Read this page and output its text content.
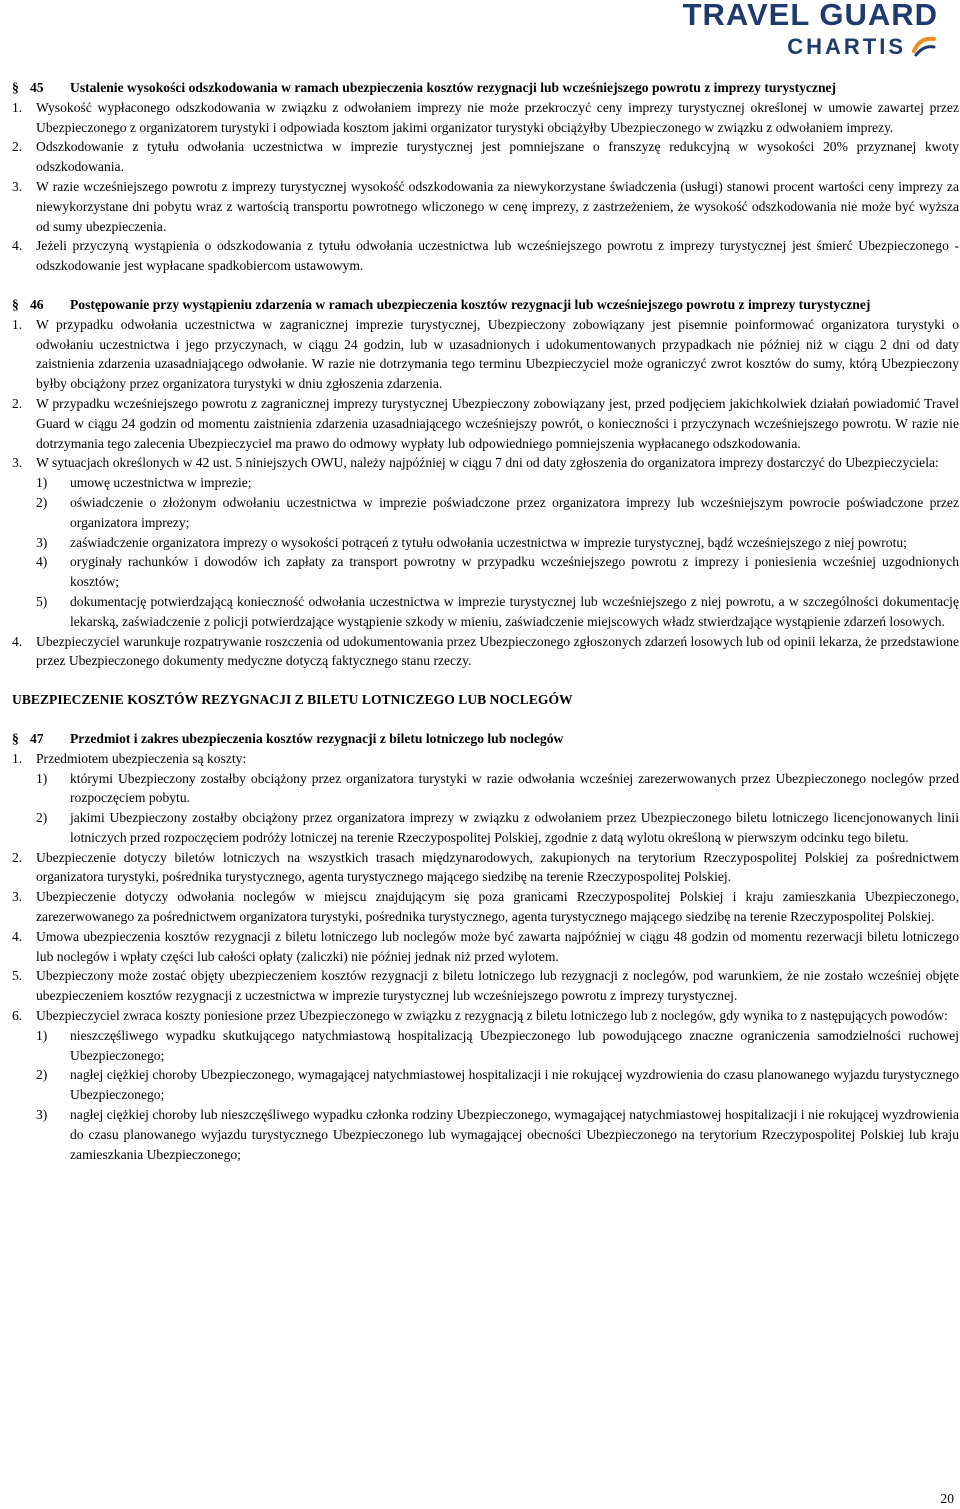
TRAVEL GUARD
CHARTIS
§ 45	Ustalenie wysokości odszkodowania w ramach ubezpieczenia kosztów rezygnacji lub wcześniejszego powrotu z imprezy turystycznej
1.	Wysokość wypłaconego odszkodowania w związku z odwołaniem imprezy nie może przekroczyć ceny imprezy turystycznej określonej w umowie zawartej przez Ubezpieczonego z organizatorem turystyki i odpowiada kosztom jakimi organizator turystyki obciążyłby Ubezpieczonego w związku z odwołaniem imprezy.
2.	Odszkodowanie z tytułu odwołania uczestnictwa w imprezie turystycznej jest pomniejszane o franszyzę redukcyjną w wysokości 20% przyznanej kwoty odszkodowania.
3.	W razie wcześniejszego powrotu z imprezy turystycznej wysokość odszkodowania za niewykorzystane świadczenia (usługi) stanowi procent wartości ceny imprezy za niewykorzystane dni pobytu wraz z wartością transportu powrotnego wliczonego w cenę imprezy, z zastrzeżeniem, że wysokość odszkodowania nie może być wyższa od sumy ubezpieczenia.
4.	Jeżeli przyczyną wystąpienia o odszkodowania z tytułu odwołania uczestnictwa lub wcześniejszego powrotu z imprezy turystycznej jest śmierć Ubezpieczonego - odszkodowanie jest wypłacane spadkobiercom ustawowym.
§ 46	Postępowanie przy wystąpieniu zdarzenia w ramach ubezpieczenia kosztów rezygnacji lub wcześniejszego powrotu z imprezy turystycznej
1.	W przypadku odwołania uczestnictwa w zagranicznej imprezie turystycznej, Ubezpieczony zobowiązany jest pisemnie poinformować organizatora turystyki o odwołaniu uczestnictwa i jego przyczynach, w ciągu 24 godzin, lub w uzasadnionych i udokumentowanych przypadkach nie później niż w ciągu 2 dni od daty zaistnienia zdarzenia uzasadniającego odwołanie. W razie nie dotrzymania tego terminu Ubezpieczyciel może ograniczyć zwrot kosztów do sumy, którą Ubezpieczony byłby obciążony przez organizatora turystyki w dniu zgłoszenia zdarzenia.
2.	W przypadku wcześniejszego powrotu z zagranicznej imprezy turystycznej Ubezpieczony zobowiązany jest, przed podjęciem jakichkolwiek działań powiadomić Travel Guard w ciągu 24 godzin od momentu zaistnienia zdarzenia uzasadniającego wcześniejszy powrót, o konieczności i przyczynach wcześniejszego powrotu. W razie nie dotrzymania tego zalecenia Ubezpieczyciel ma prawo do odmowy wypłaty lub odpowiedniego pomniejszenia wypłacanego odszkodowania.
3.	W sytuacjach określonych w 42 ust. 5 niniejszych OWU, należy najpóźniej w ciągu 7 dni od daty zgłoszenia do organizatora imprezy dostarczyć do Ubezpieczyciela:
1)	umowę uczestnictwa w imprezie;
2)	oświadczenie o złożonym odwołaniu uczestnictwa w imprezie poświadczone przez organizatora imprezy lub wcześniejszym powrocie poświadczone przez organizatora imprezy;
3)	zaświadczenie organizatora imprezy o wysokości potrąceń z tytułu odwołania uczestnictwa w imprezie turystycznej, bądź wcześniejszego z niej powrotu;
4)	oryginały rachunków i dowodów ich zapłaty za transport powrotny w przypadku wcześniejszego powrotu z imprezy i poniesienia wcześniej uzgodnionych kosztów;
5)	dokumentację potwierdzającą konieczność odwołania uczestnictwa w imprezie turystycznej lub wcześniejszego z niej powrotu, a w szczególności dokumentację lekarską, zaświadczenie z policji potwierdzające wystąpienie szkody w mieniu, zaświadczenie miejscowych władz stwierdzające wystąpienie zdarzeń losowych.
4.	Ubezpieczyciel warunkuje rozpatrywanie roszczenia od udokumentowania przez Ubezpieczonego zgłoszonych zdarzeń losowych lub od opinii lekarza, że przedstawione przez Ubezpieczonego dokumenty medyczne dotyczą faktycznego stanu rzeczy.
UBEZPIECZENIE KOSZTÓW REZYGNACJI Z BILETU LOTNICZEGO LUB NOCLEGÓW
§ 47	Przedmiot i zakres ubezpieczenia kosztów rezygnacji z biletu lotniczego lub noclegów
1.	Przedmiotem ubezpieczenia są koszty:
1)	którymi Ubezpieczony zostałby obciążony przez organizatora turystyki w razie odwołania wcześniej zarezerwowanych przez Ubezpieczonego noclegów przed rozpoczęciem pobytu.
2)	jakimi Ubezpieczony zostałby obciążony przez organizatora imprezy w związku z odwołaniem przez Ubezpieczonego biletu lotniczego licencjonowanych linii lotniczych przed rozpoczęciem podróży lotniczej na terenie Rzeczypospolitej Polskiej, zgodnie z datą wylotu określoną w pierwszym odcinku tego biletu.
2.	Ubezpieczenie dotyczy biletów lotniczych na wszystkich trasach międzynarodowych, zakupionych na terytorium Rzeczypospolitej Polskiej za pośrednictwem organizatora turystyki, pośrednika turystycznego, agenta turystycznego mającego siedzibę na terenie Rzeczypospolitej Polskiej.
3.	Ubezpieczenie dotyczy odwołania noclegów w miejscu znajdującym się poza granicami Rzeczypospolitej Polskiej i kraju zamieszkania Ubezpieczonego, zarezerwowanego za pośrednictwem organizatora turystyki, pośrednika turystycznego, agenta turystycznego mającego siedzibę na terenie Rzeczypospolitej Polskiej.
4.	Umowa ubezpieczenia kosztów rezygnacji z biletu lotniczego lub noclegów może być zawarta najpóźniej w ciągu 48 godzin od momentu rezerwacji biletu lotniczego lub noclegów i wpłaty części lub całości opłaty (zaliczki) nie później jednak niż przed wylotem.
5.	Ubezpieczony może zostać objęty ubezpieczeniem kosztów rezygnacji z biletu lotniczego lub rezygnacji z noclegów, pod warunkiem, że nie zostało wcześniej objęte ubezpieczeniem kosztów rezygnacji z uczestnictwa w imprezie turystycznej lub wcześniejszego powrotu z imprezy turystycznej.
6.	Ubezpieczyciel zwraca koszty poniesione przez Ubezpieczonego w związku z rezygnacją z biletu lotniczego lub z noclegów, gdy wynika to z następujących powodów:
1)	nieszczęśliwego wypadku skutkującego natychmiastową hospitalizacją Ubezpieczonego lub powodującego znaczne ograniczenia samodzielności ruchowej Ubezpieczonego;
2)	nagłej ciężkiej choroby Ubezpieczonego, wymagającej natychmiastowej hospitalizacji i nie rokującej wyzdrowienia do czasu planowanego wyjazdu turystycznego Ubezpieczonego;
3)	nagłej ciężkiej choroby lub nieszczęśliwego wypadku członka rodziny Ubezpieczonego, wymagającej natychmiastowej hospitalizacji i nie rokującej wyzdrowienia do czasu planowanego wyjazdu turystycznego Ubezpieczonego lub wymagającej obecności Ubezpieczonego na terytorium Rzeczypospolitej Polskiej lub kraju zamieszkania Ubezpieczonego;
20
